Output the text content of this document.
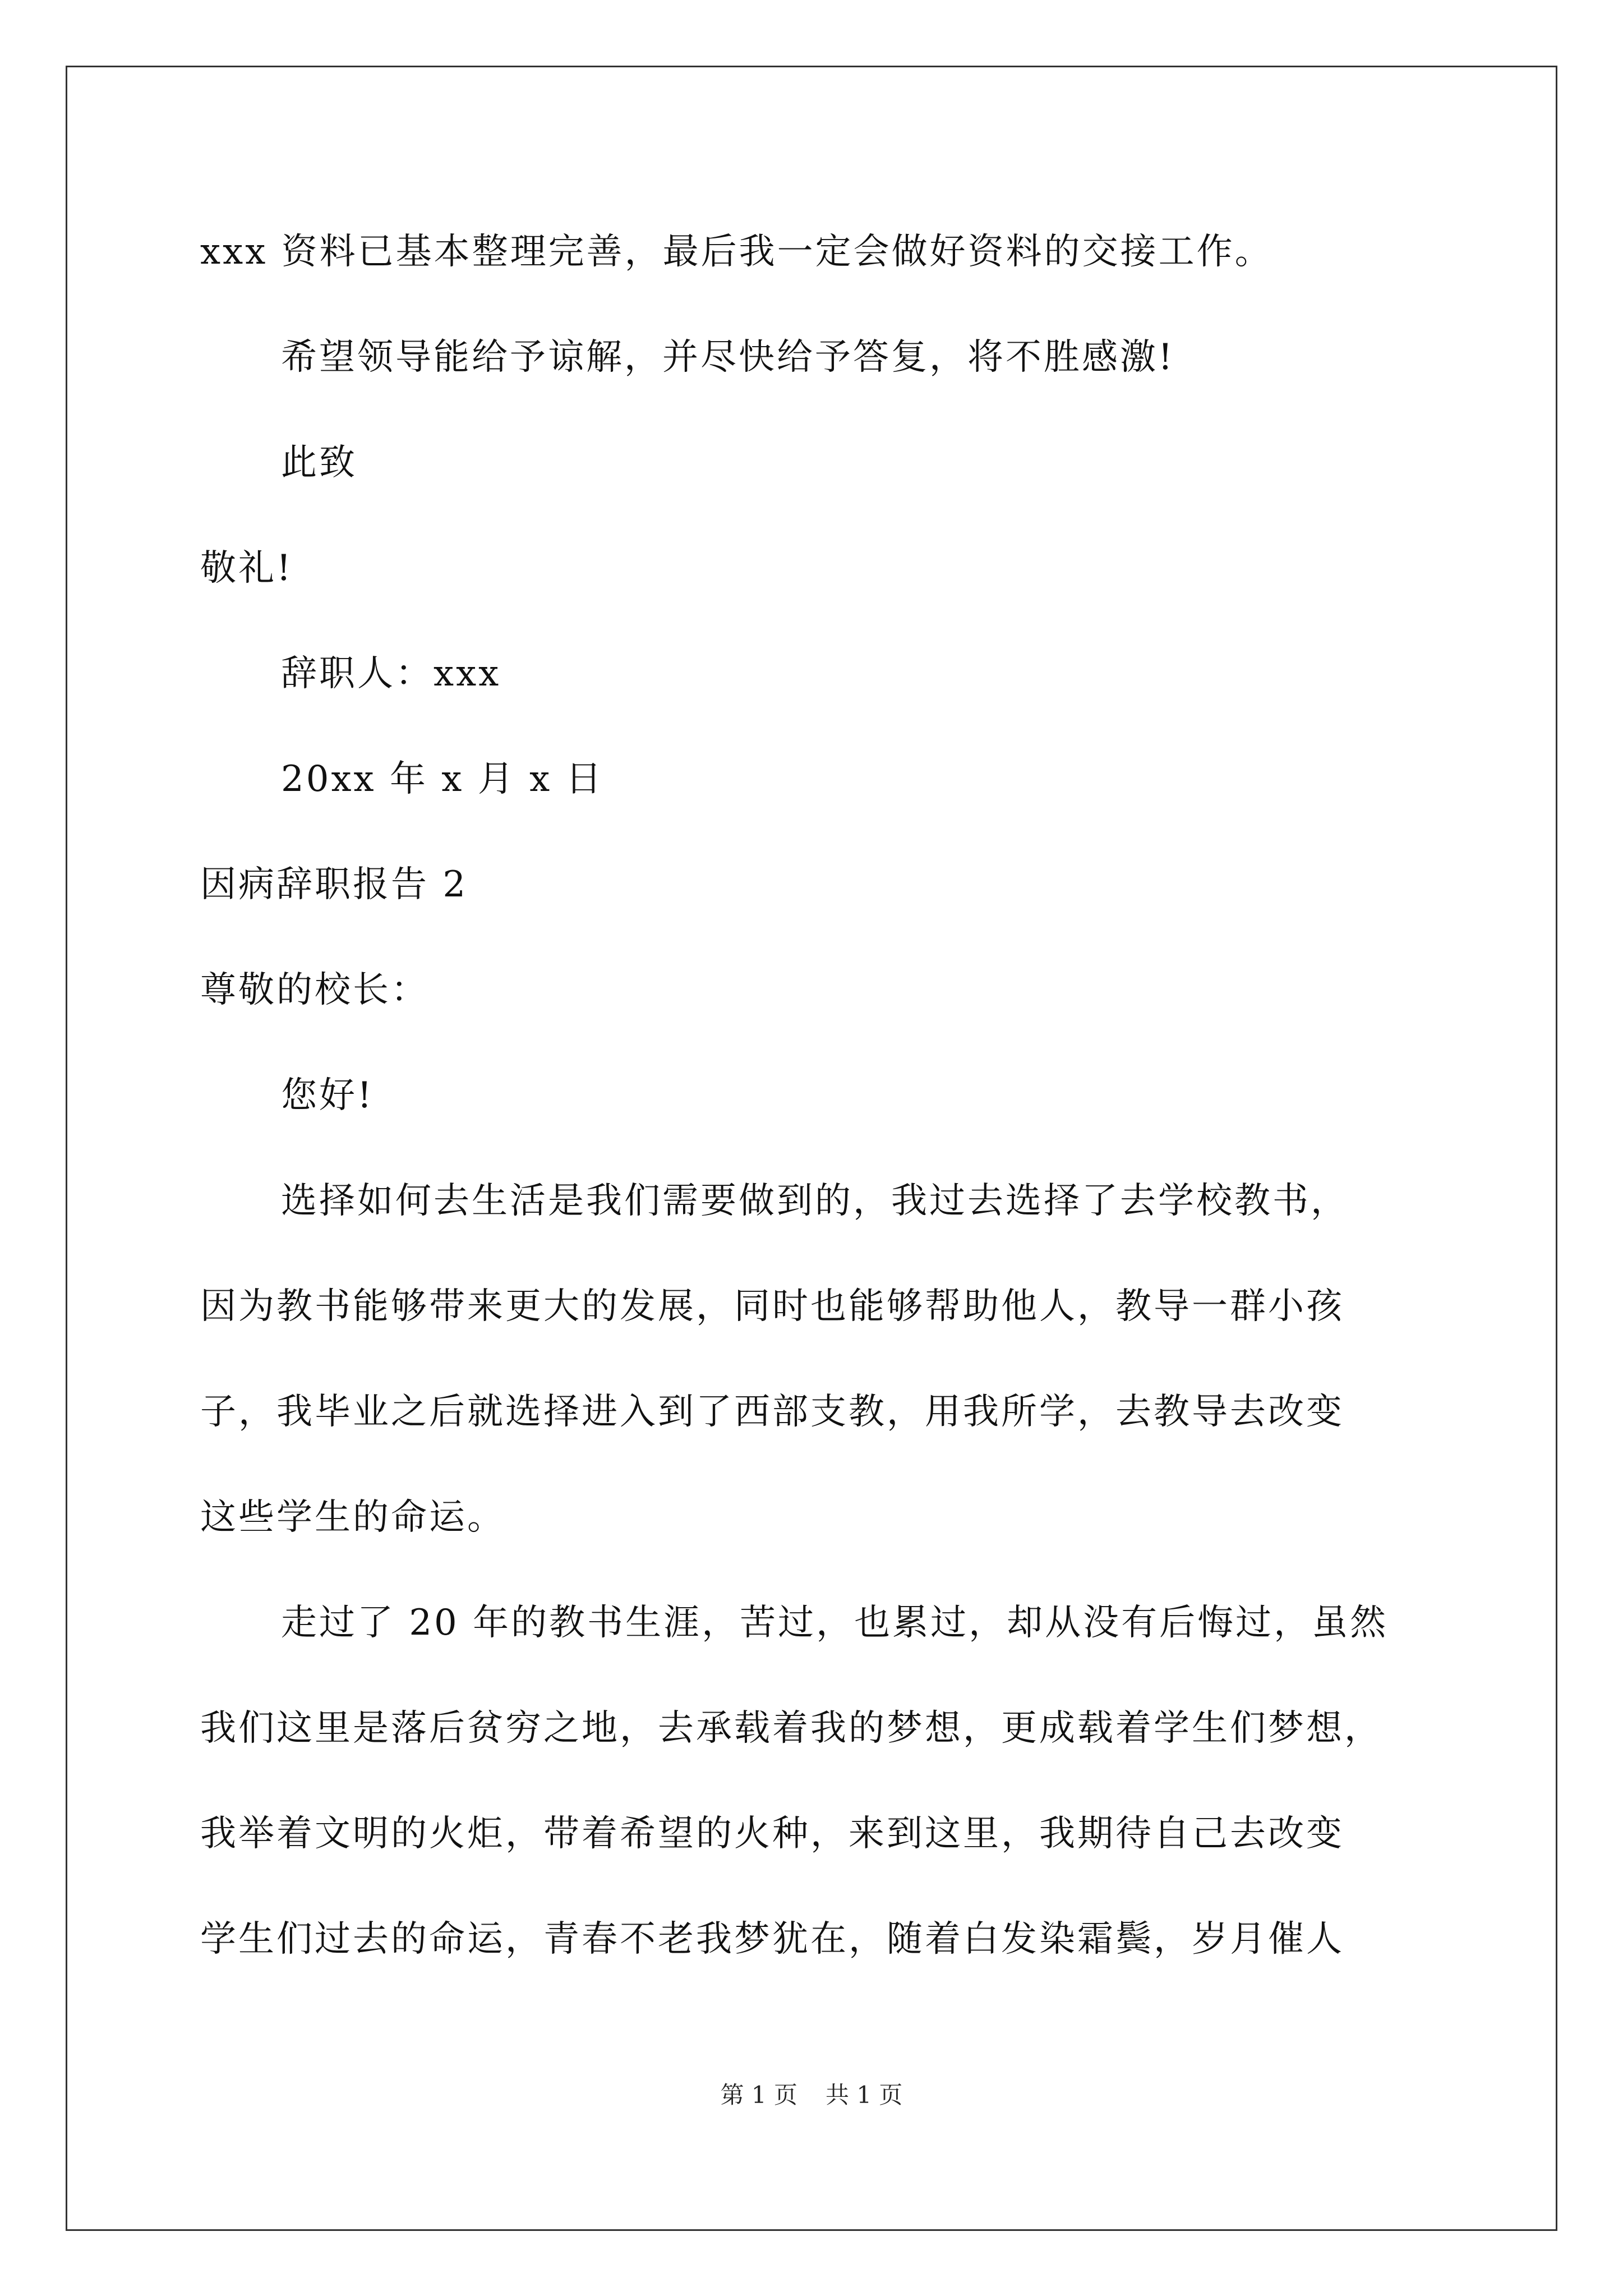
xxx 资料已基本整理完善，最后我一定会做好资料的交接工作。
希望领导能给予谅解，并尽快给予答复，将不胜感激!
此致
敬礼!
辞职人：xxx
20xx 年 x 月 x 日
因病辞职报告 2
尊敬的校长：
您好!
选择如何去生活是我们需要做到的，我过去选择了去学校教书，
因为教书能够带来更大的发展，同时也能够帮助他人，教导一群小孩
子，我毕业之后就选择进入到了西部支教，用我所学，去教导去改变
这些学生的命运。
走过了 20 年的教书生涯，苦过，也累过，却从没有后悔过，虽然
我们这里是落后贫穷之地，去承载着我的梦想，更成载着学生们梦想，
我举着文明的火炬，带着希望的火种，来到这里，我期待自己去改变
学生们过去的命运，青春不老我梦犹在，随着白发染霜鬓，岁月催人
第 1 页 共 1 页
